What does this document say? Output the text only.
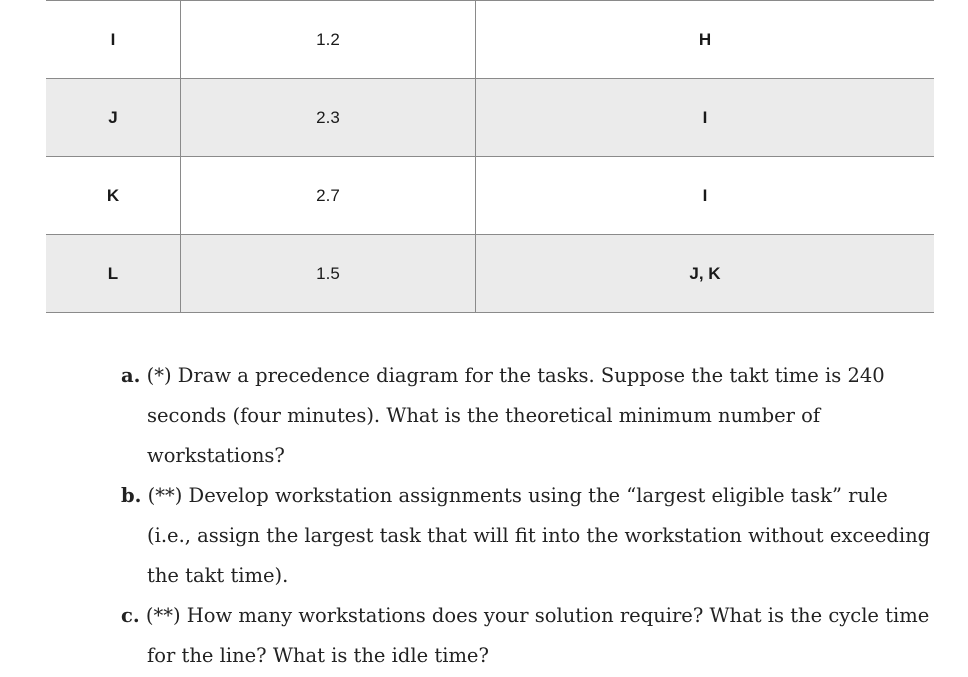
I	1.2	H
J	2.3	I
K	2.7	I
L	1.5	J, K

a. (*) Draw a precedence diagram for the tasks. Suppose the takt time is 240 seconds (four minutes). What is the theoretical minimum number of workstations?

b. (**) Develop workstation assignments using the “largest eligible task” rule (i.e., assign the largest task that will fit into the workstation without exceeding the takt time).

c. (**) How many workstations does your solution require? What is the cycle time for the line? What is the idle time?
